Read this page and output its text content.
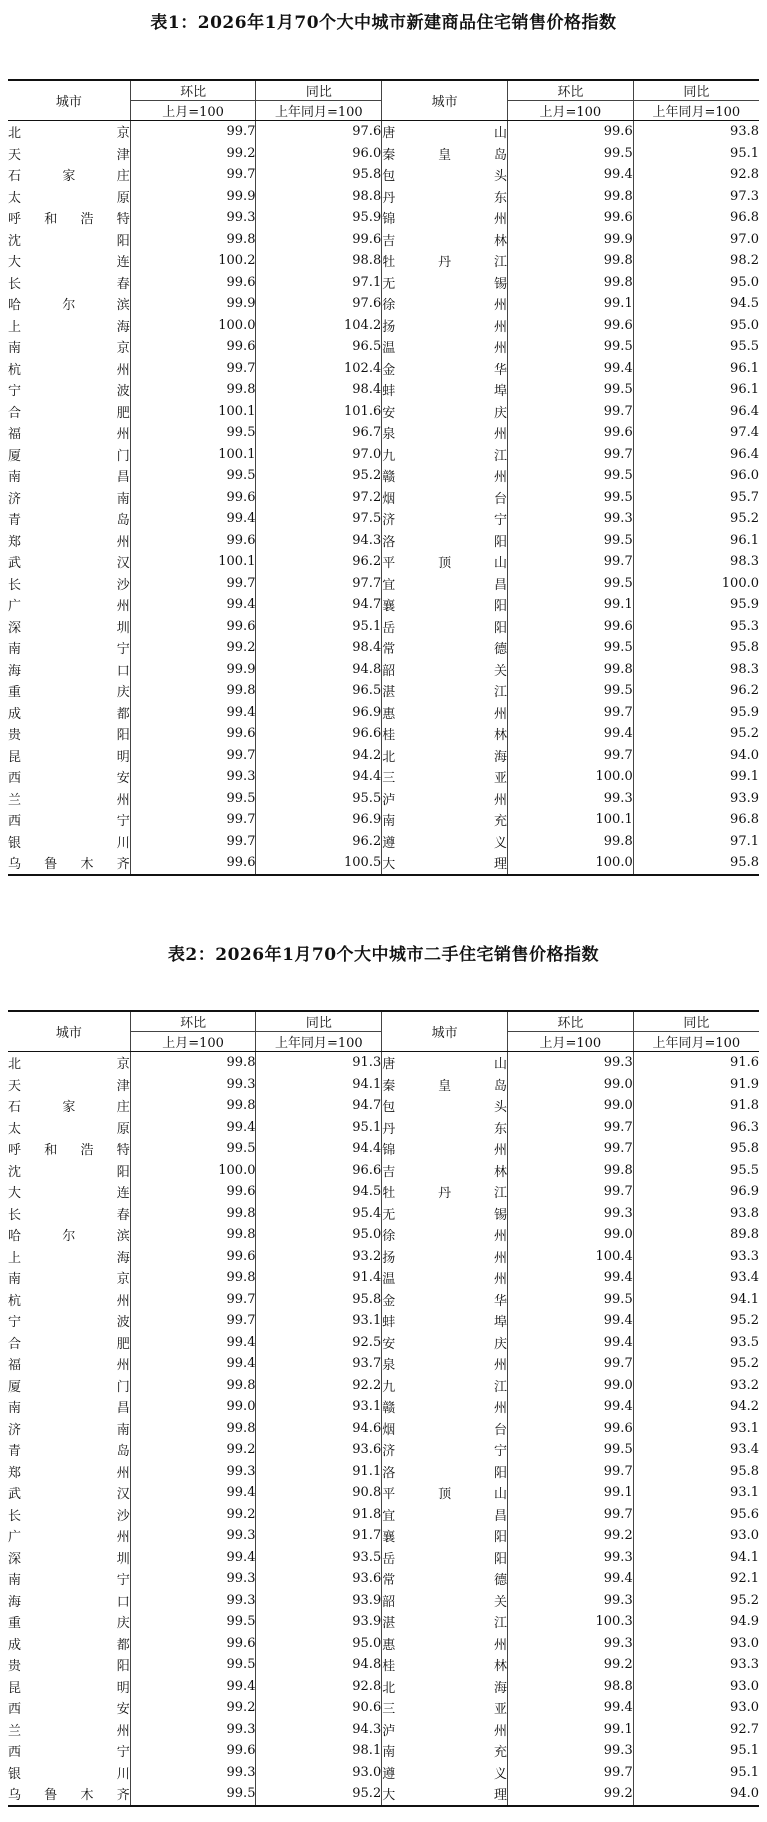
表1：2026年1月70个大中城市新建商品住宅销售价格指数
城市	环比	同比	城市	环比	同比
	上月=100	上年同月=100		上月=100	上年同月=100

北京	99.7	97.6	唐山	99.6	93.8

天津	99.2	96.0	秦皇岛	99.5	95.1

石家庄	99.7	95.8	包头	99.4	92.8

太原	99.9	98.8	丹东	99.8	97.3

呼和浩特	99.3	95.9	锦州	99.6	96.8

沈阳	99.8	99.6	吉林	99.9	97.0

大连	100.2	98.8	牡丹江	99.8	98.2

长春	99.6	97.1	无锡	99.8	95.0

哈尔滨	99.9	97.6	徐州	99.1	94.5

上海	100.0	104.2	扬州	99.6	95.0

南京	99.6	96.5	温州	99.5	95.5

杭州	99.7	102.4	金华	99.4	96.1

宁波	99.8	98.4	蚌埠	99.5	96.1

合肥	100.1	101.6	安庆	99.7	96.4

福州	99.5	96.7	泉州	99.6	97.4

厦门	100.1	97.0	九江	99.7	96.4

南昌	99.5	95.2	赣州	99.5	96.0

济南	99.6	97.2	烟台	99.5	95.7

青岛	99.4	97.5	济宁	99.3	95.2

郑州	99.6	94.3	洛阳	99.5	96.1

武汉	100.1	96.2	平顶山	99.7	98.3

长沙	99.7	97.7	宜昌	99.5	100.0

广州	99.4	94.7	襄阳	99.1	95.9

深圳	99.6	95.1	岳阳	99.6	95.3

南宁	99.2	98.4	常德	99.5	95.8

海口	99.9	94.8	韶关	99.8	98.3

重庆	99.8	96.5	湛江	99.5	96.2

成都	99.4	96.9	惠州	99.7	95.9

贵阳	99.6	96.6	桂林	99.4	95.2

昆明	99.7	94.2	北海	99.7	94.0

西安	99.3	94.4	三亚	100.0	99.1

兰州	99.5	95.5	泸州	99.3	93.9

西宁	99.7	96.9	南充	100.1	96.8

银川	99.7	96.2	遵义	99.8	97.1

乌鲁木齐	99.6	100.5	大理	100.0	95.8
表2：2026年1月70个大中城市二手住宅销售价格指数
城市	环比	同比	城市	环比	同比
	上月=100	上年同月=100		上月=100	上年同月=100

北京	99.8	91.3	唐山	99.3	91.6

天津	99.3	94.1	秦皇岛	99.0	91.9

石家庄	99.8	94.7	包头	99.0	91.8

太原	99.4	95.1	丹东	99.7	96.3

呼和浩特	99.5	94.4	锦州	99.7	95.8

沈阳	100.0	96.6	吉林	99.8	95.5

大连	99.6	94.5	牡丹江	99.7	96.9

长春	99.8	95.4	无锡	99.3	93.8

哈尔滨	99.8	95.0	徐州	99.0	89.8

上海	99.6	93.2	扬州	100.4	93.3

南京	99.8	91.4	温州	99.4	93.4

杭州	99.7	95.8	金华	99.5	94.1

宁波	99.7	93.1	蚌埠	99.4	95.2

合肥	99.4	92.5	安庆	99.4	93.5

福州	99.4	93.7	泉州	99.7	95.2

厦门	99.8	92.2	九江	99.0	93.2

南昌	99.0	93.1	赣州	99.4	94.2

济南	99.8	94.6	烟台	99.6	93.1

青岛	99.2	93.6	济宁	99.5	93.4

郑州	99.3	91.1	洛阳	99.7	95.8

武汉	99.4	90.8	平顶山	99.1	93.1

长沙	99.2	91.8	宜昌	99.7	95.6

广州	99.3	91.7	襄阳	99.2	93.0

深圳	99.4	93.5	岳阳	99.3	94.1

南宁	99.3	93.6	常德	99.4	92.1

海口	99.3	93.9	韶关	99.3	95.2

重庆	99.5	93.9	湛江	100.3	94.9

成都	99.6	95.0	惠州	99.3	93.0

贵阳	99.5	94.8	桂林	99.2	93.3

昆明	99.4	92.8	北海	98.8	93.0

西安	99.2	90.6	三亚	99.4	93.0

兰州	99.3	94.3	泸州	99.1	92.7

西宁	99.6	98.1	南充	99.3	95.1

银川	99.3	93.0	遵义	99.7	95.1

乌鲁木齐	99.5	95.2	大理	99.2	94.0
